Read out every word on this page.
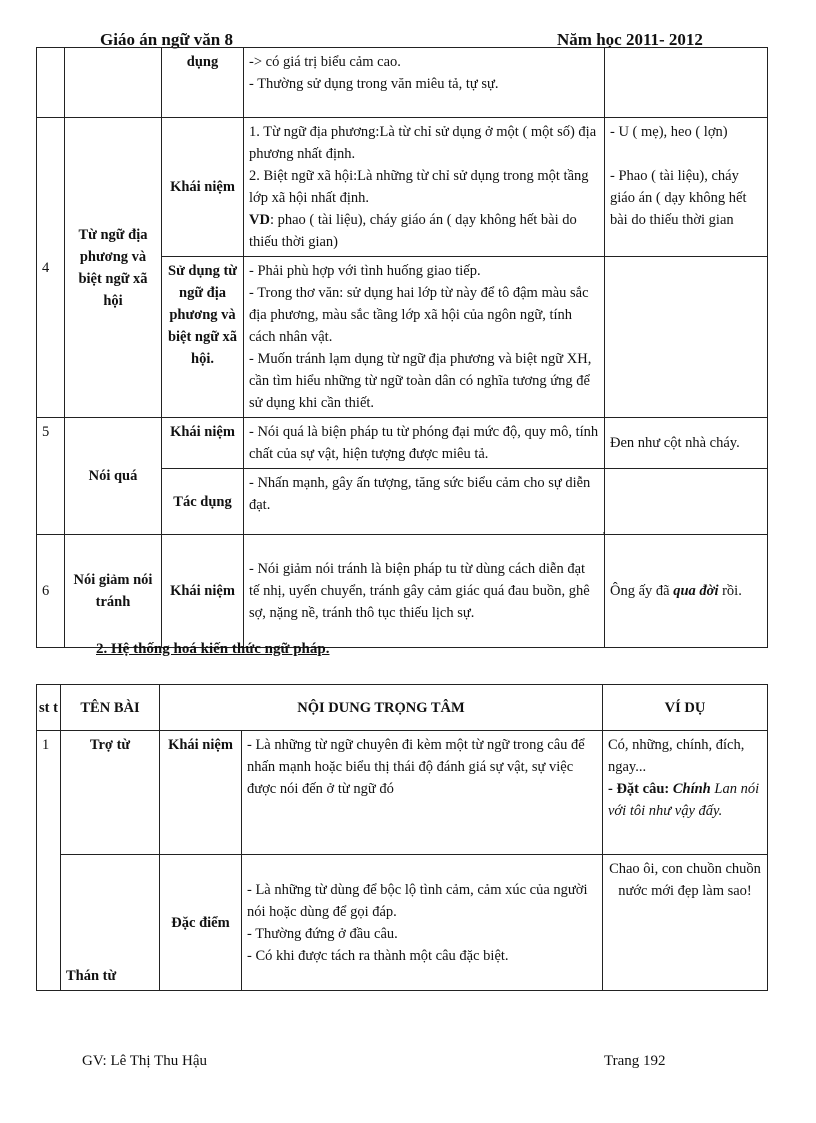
Giáo án ngữ văn 8	Năm học 2011- 2012
		dụng	-> có giá trị biểu cảm cao.
- Thường sử dụng trong văn miêu tả, tự sự.	
4	Từ ngữ địa phương và biệt ngữ xã hội	Khái niệm	1. Từ ngữ địa phương:Là từ chỉ sử dụng ở một ( một số) địa phương nhất định.
2. Biệt ngữ xã hội:Là những từ chỉ sử dụng trong một tầng lớp xã hội nhất định.
VD: phao ( tài liệu), cháy giáo án ( dạy không hết bài do thiếu thời gian)	- U ( mẹ), heo ( lợn)

- Phao ( tài liệu), cháy giáo án ( dạy không hết bài do thiếu thời gian
		Sử dụng từ ngữ địa phương và biệt ngữ xã hội.	- Phải phù hợp với tình huống giao tiếp.
- Trong thơ văn: sử dụng hai lớp từ này để tô đậm màu sắc địa phương, màu sắc tầng lớp xã hội của ngôn ngữ, tính cách nhân vật.
- Muốn tránh lạm dụng từ ngữ địa phương và biệt ngữ XH, cần tìm hiểu những từ ngữ toàn dân có nghĩa tương ứng để sử dụng khi cần thiết.	
5	Nói quá	Khái niệm	- Nói quá là biện pháp tu từ phóng đại mức độ, quy mô, tính chất của sự vật, hiện tượng được miêu tả.	Đen như cột nhà cháy.
		Tác dụng	- Nhấn mạnh, gây ấn tượng, tăng sức biểu cảm cho sự diễn đạt.	
6	Nói giảm nói tránh	Khái niệm	- Nói giảm nói tránh là biện pháp tu từ dùng cách diễn đạt tế nhị, uyển chuyển, tránh gây cảm giác quá đau buồn, ghê sợ, nặng nề, tránh thô tục thiếu lịch sự.	Ông ấy đã qua đời rồi.
'
2. Hệ thống hoá kiến thức ngữ pháp.
st t	TÊN BÀI	NỘI DUNG TRỌNG TÂM		VÍ DỤ
1	Trợ từ	Khái niệm	- Là những từ ngữ chuyên đi kèm một từ ngữ trong câu để nhấn mạnh hoặc biểu thị thái độ đánh giá sự vật, sự việc được nói đến ở từ ngữ đó	Có, những, chính, đích, ngay...
- Đặt câu: Chính Lan nói với tôi như vậy đấy.
	Thán từ	Đặc điểm	- Là những từ dùng để bộc lộ tình cảm, cảm xúc của người nói hoặc dùng để gọi đáp.
- Thường đứng ở đầu câu.
- Có khi được tách ra thành một câu đặc biệt.	Chao ôi, con chuồn chuồn nước mới đẹp làm sao!
GV: Lê Thị Thu Hậu	Trang 192
